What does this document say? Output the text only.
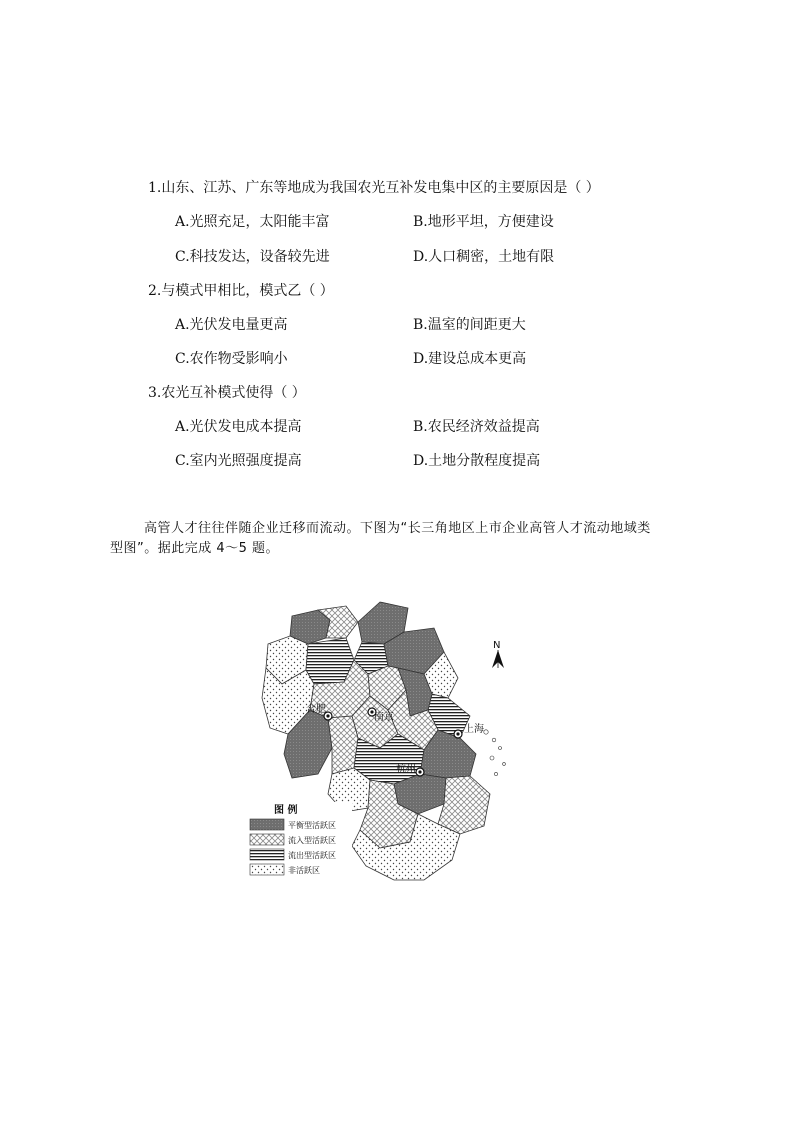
1.山东、江苏、广东等地成为我国农光互补发电集中区的主要原因是（ ）
A.光照充足，太阳能丰富	B.地形平坦，方便建设
C.科技发达，设备较先进	D.人口稠密，土地有限
2.与模式甲相比，模式乙（ ）
A.光伏发电量更高	B.温室的间距更大
C.农作物受影响小	D.建设总成本更高
3.农光互补模式使得（ ）
A.光伏发电成本提高	B.农民经济效益提高
C.室内光照强度提高	D.土地分散程度提高
高管人才往往伴随企业迁移而流动。下图为“长三角地区上市企业高管人才流动地域类
型图”。据此完成 4～5 题。
N
合肥
南京
上海
杭州
图 例
平衡型活跃区
流入型活跃区
流出型活跃区
非活跃区
